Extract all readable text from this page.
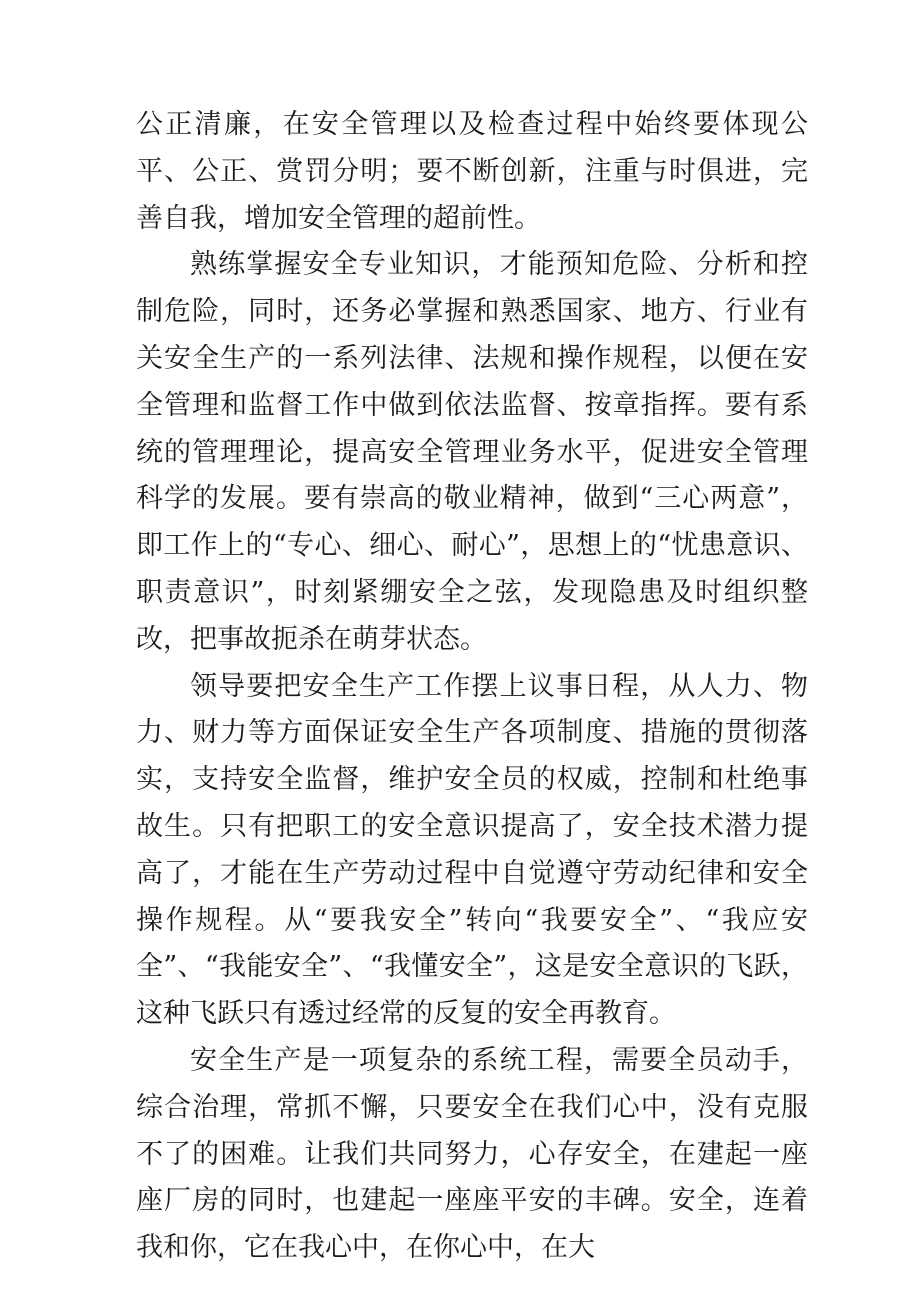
公正清廉，在安全管理以及检查过程中始终要体现公平、公正、赏罚分明；要不断创新，注重与时俱进，完善自我，增加安全管理的超前性。

熟练掌握安全专业知识，才能预知危险、分析和控制危险，同时，还务必掌握和熟悉国家、地方、行业有关安全生产的一系列法律、法规和操作规程，以便在安全管理和监督工作中做到依法监督、按章指挥。要有系统的管理理论，提高安全管理业务水平，促进安全管理科学的发展。要有崇高的敬业精神，做到“三心两意”，即工作上的“专心、细心、耐心”，思想上的“忧患意识、职责意识”，时刻紧绷安全之弦，发现隐患及时组织整改，把事故扼杀在萌芽状态。

领导要把安全生产工作摆上议事日程，从人力、物力、财力等方面保证安全生产各项制度、措施的贯彻落实，支持安全监督，维护安全员的权威，控制和杜绝事故生。只有把职工的安全意识提高了，安全技术潜力提高了，才能在生产劳动过程中自觉遵守劳动纪律和安全操作规程。从“要我安全”转向“我要安全”、“我应安全”、“我能安全”、“我懂安全”，这是安全意识的飞跃，这种飞跃只有透过经常的反复的安全再教育。

安全生产是一项复杂的系统工程，需要全员动手，综合治理，常抓不懈，只要安全在我们心中，没有克服不了的困难。让我们共同努力，心存安全，在建起一座座厂房的同时，也建起一座座平安的丰碑。安全，连着我和你，它在我心中，在你心中，在大
